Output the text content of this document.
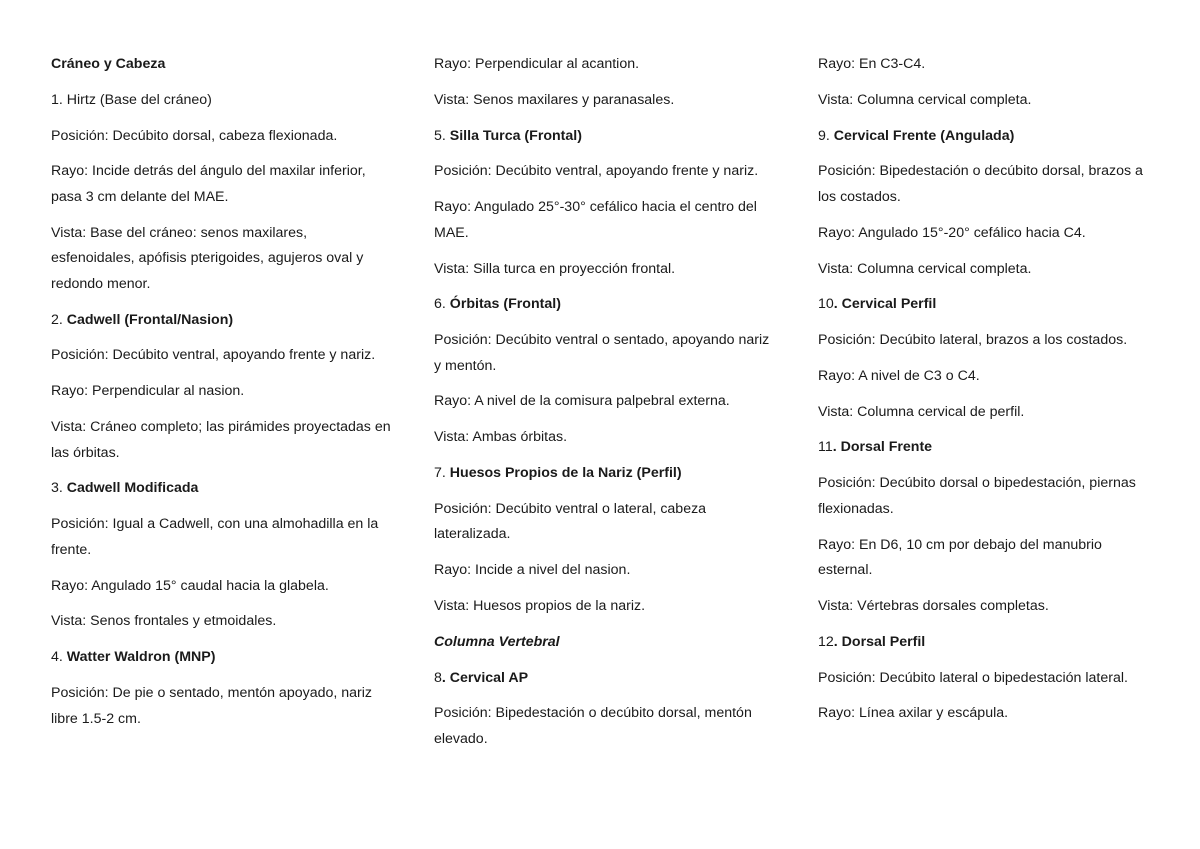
Cráneo y Cabeza

1. Hirtz (Base del cráneo)

Posición: Decúbito dorsal, cabeza flexionada.

Rayo: Incide detrás del ángulo del maxilar inferior, pasa 3 cm delante del MAE.

Vista: Base del cráneo: senos maxilares, esfenoidales, apófisis pterigoides, agujeros oval y redondo menor.

2. Cadwell (Frontal/Nasion)

Posición: Decúbito ventral, apoyando frente y nariz.

Rayo: Perpendicular al nasion.

Vista: Cráneo completo; las pirámides proyectadas en las órbitas.

3. Cadwell Modificada

Posición: Igual a Cadwell, con una almohadilla en la frente.

Rayo: Angulado 15° caudal hacia la glabela.

Vista: Senos frontales y etmoidales.

4. Watter Waldron (MNP)

Posición: De pie o sentado, mentón apoyado, nariz libre 1.5-2 cm.

Rayo: Perpendicular al acantion.

Vista: Senos maxilares y paranasales.

5. Silla Turca (Frontal)

Posición: Decúbito ventral, apoyando frente y nariz.

Rayo: Angulado 25°-30° cefálico hacia el centro del MAE.

Vista: Silla turca en proyección frontal.

6. Órbitas (Frontal)

Posición: Decúbito ventral o sentado, apoyando nariz y mentón.

Rayo: A nivel de la comisura palpebral externa.

Vista: Ambas órbitas.

7. Huesos Propios de la Nariz (Perfil)

Posición: Decúbito ventral o lateral, cabeza lateralizada.

Rayo: Incide a nivel del nasion.

Vista: Huesos propios de la nariz.

Columna Vertebral

8. Cervical AP

Posición: Bipedestación o decúbito dorsal, mentón elevado.

Rayo: En C3-C4.

Vista: Columna cervical completa.

9. Cervical Frente (Angulada)

Posición: Bipedestación o decúbito dorsal, brazos a los costados.

Rayo: Angulado 15°-20° cefálico hacia C4.

Vista: Columna cervical completa.

10. Cervical Perfil

Posición: Decúbito lateral, brazos a los costados.

Rayo: A nivel de C3 o C4.

Vista: Columna cervical de perfil.

11. Dorsal Frente

Posición: Decúbito dorsal o bipedestación, piernas flexionadas.

Rayo: En D6, 10 cm por debajo del manubrio esternal.

Vista: Vértebras dorsales completas.

12. Dorsal Perfil

Posición: Decúbito lateral o bipedestación lateral.

Rayo: Línea axilar y escápula.
